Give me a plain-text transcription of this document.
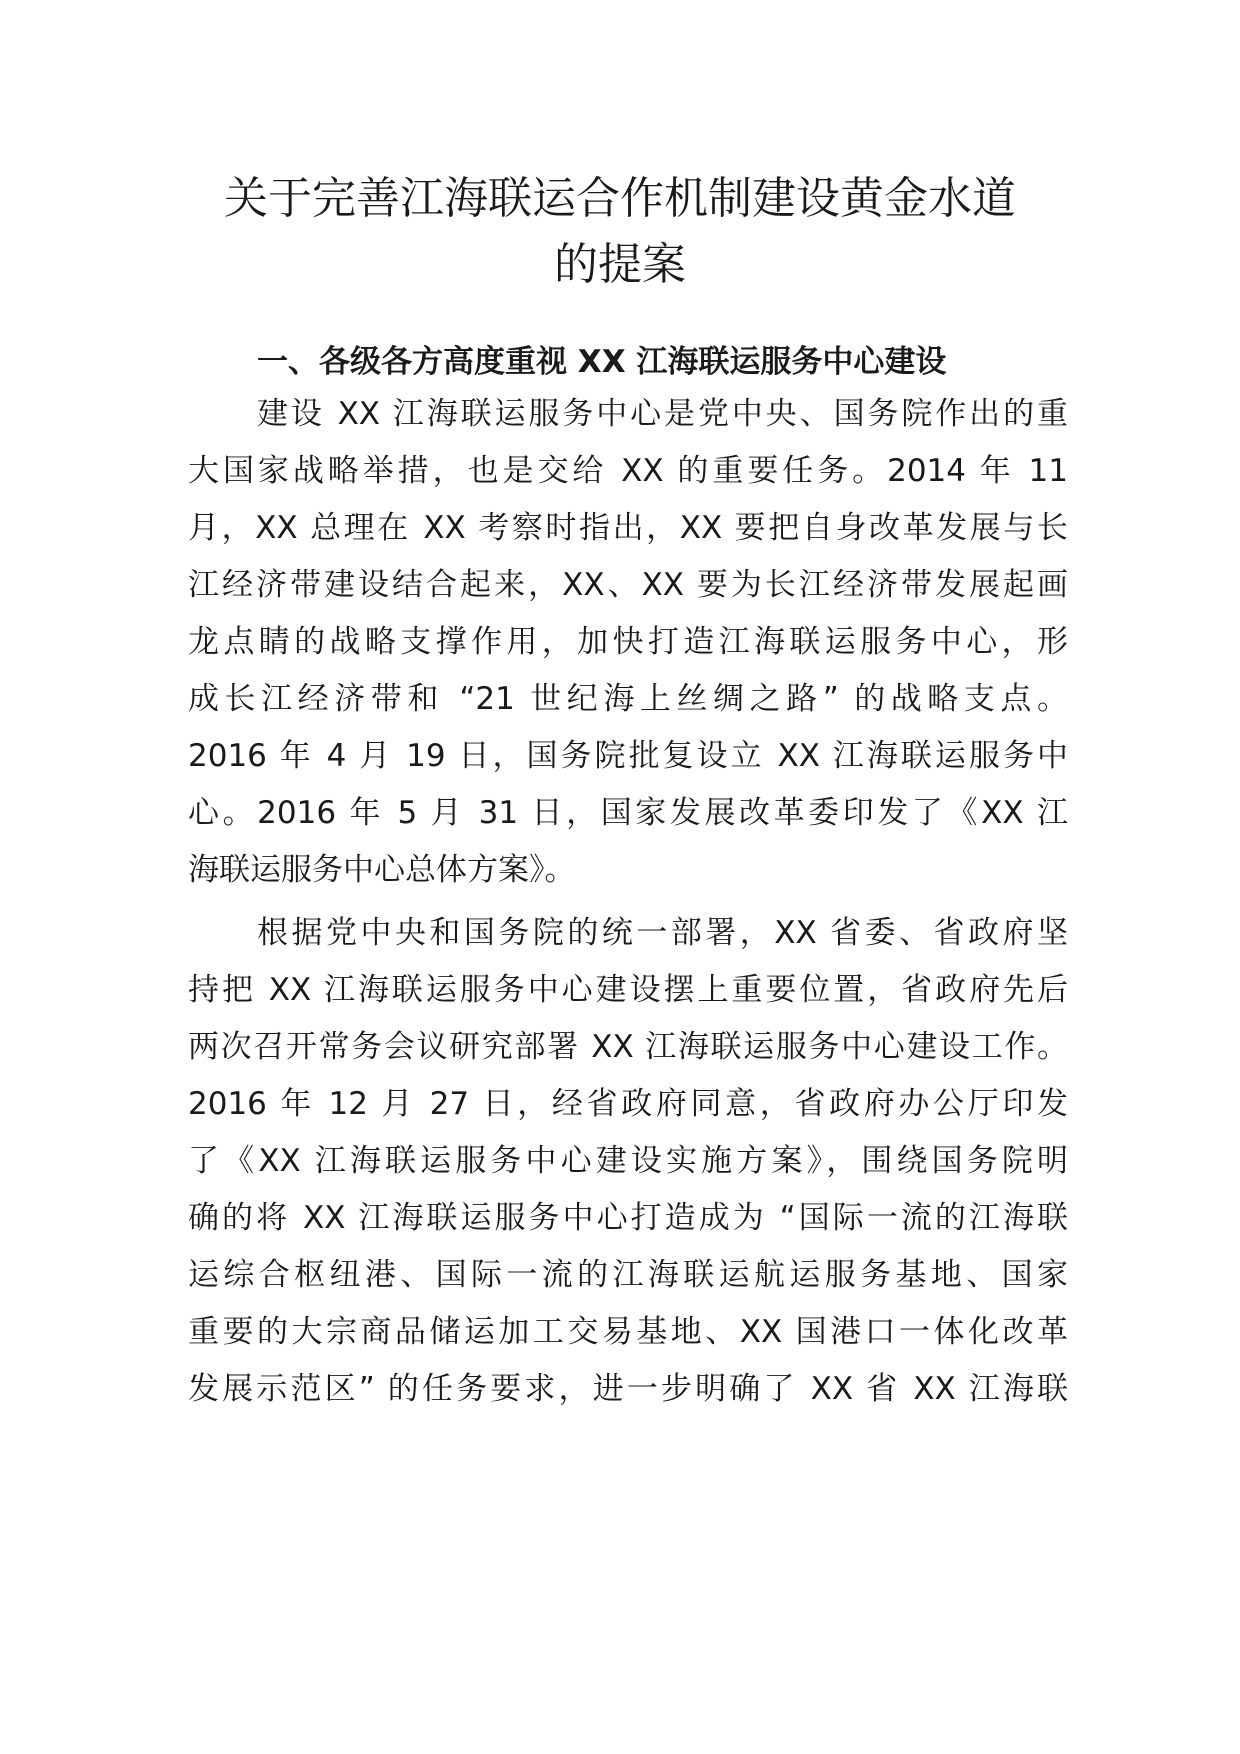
关于完善江海联运合作机制建设黄金水道
的提案
一、各级各方高度重视 XX 江海联运服务中心建设
建设 XX 江海联运服务中心是党中央、国务院作出的重
大国家战略举措，也是交给 XX 的重要任务。2014 年 11
月，XX 总理在 XX 考察时指出，XX 要把自身改革发展与长
江经济带建设结合起来，XX、XX 要为长江经济带发展起画
龙点睛的战略支撑作用，加快打造江海联运服务中心，形
成长江经济带和 “21 世纪海上丝绸之路” 的战略支点。
2016 年 4 月 19 日，国务院批复设立 XX 江海联运服务中
心。2016 年 5 月 31 日，国家发展改革委印发了《XX 江
海联运服务中心总体方案》。
根据党中央和国务院的统一部署，XX 省委、省政府坚
持把 XX 江海联运服务中心建设摆上重要位置，省政府先后
两次召开常务会议研究部署 XX 江海联运服务中心建设工作。
2016 年 12 月 27 日，经省政府同意，省政府办公厅印发
了《XX 江海联运服务中心建设实施方案》，围绕国务院明
确的将 XX 江海联运服务中心打造成为 “国际一流的江海联
运综合枢纽港、国际一流的江海联运航运服务基地、国家
重要的大宗商品储运加工交易基地、XX 国港口一体化改革
发展示范区” 的任务要求，进一步明确了 XX 省 XX 江海联
